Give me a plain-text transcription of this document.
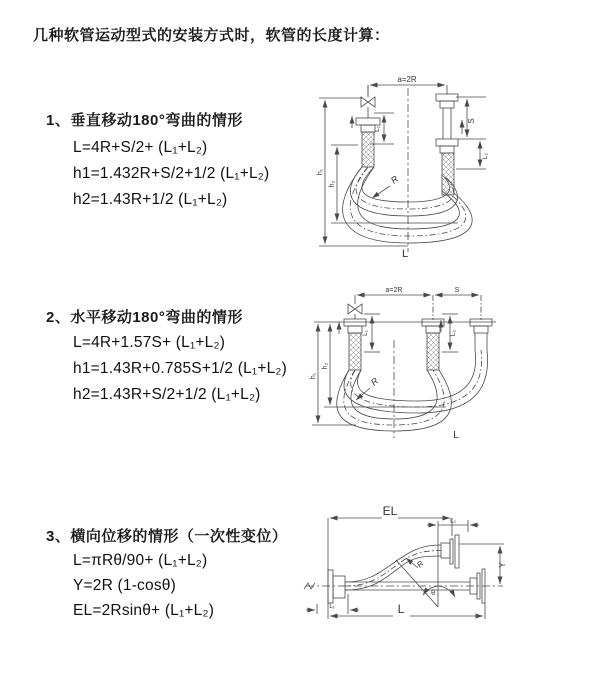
几种软管运动型式的安装方式时，软管的长度计算：
1、垂直移动180°弯曲的情形
L=4R+S/2+ (L₁+L₂)
h1=1.432R+S/2+1/2 (L₁+L₂)
h2=1.43R+1/2 (L₁+L₂)
2、水平移动180°弯曲的情形
L=4R+1.57S+ (L₁+L₂)
h1=1.43R+0.785S+1/2 (L₁+L₂)
h2=1.43R+S/2+1/2 (L₁+L₂)
3、横向位移的情形（一次性变位）
L=πRθ/90+ (L₁+L₂)
Y=2R (1-cosθ)
EL=2Rsinθ+ (L₁+L₂)
a=2R
S
L₂
L₁
h₁
h₂	R
L
a=2R	S
L₁	L₂
h₁
h₂
R
L
EL
L₂
Y
θ
R
L
L₁
